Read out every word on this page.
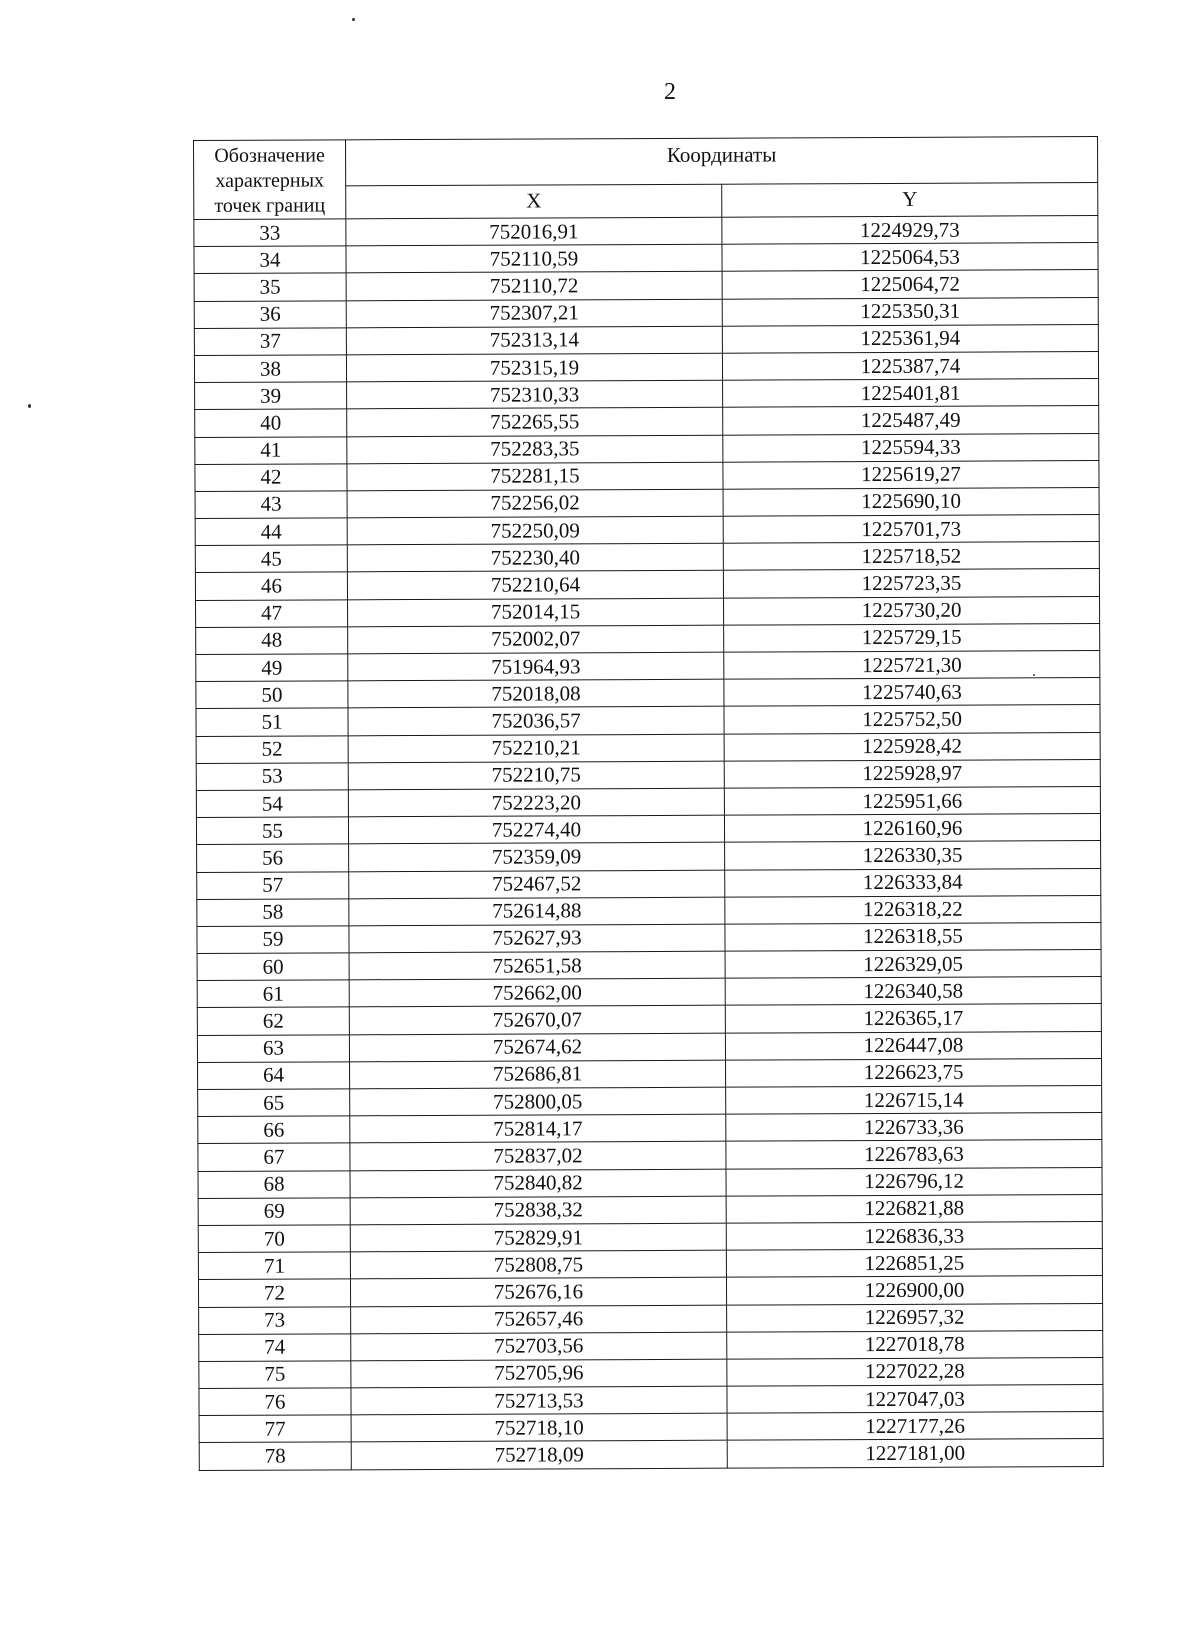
2
Обозначение характерных точек границ	Координаты	
	X	Y
33	752016,91	1224929,73
34	752110,59	1225064,53
35	752110,72	1225064,72
36	752307,21	1225350,31
37	752313,14	1225361,94
38	752315,19	1225387,74
39	752310,33	1225401,81
40	752265,55	1225487,49
41	752283,35	1225594,33
42	752281,15	1225619,27
43	752256,02	1225690,10
44	752250,09	1225701,73
45	752230,40	1225718,52
46	752210,64	1225723,35
47	752014,15	1225730,20
48	752002,07	1225729,15
49	751964,93	1225721,30
50	752018,08	1225740,63
51	752036,57	1225752,50
52	752210,21	1225928,42
53	752210,75	1225928,97
54	752223,20	1225951,66
55	752274,40	1226160,96
56	752359,09	1226330,35
57	752467,52	1226333,84
58	752614,88	1226318,22
59	752627,93	1226318,55
60	752651,58	1226329,05
61	752662,00	1226340,58
62	752670,07	1226365,17
63	752674,62	1226447,08
64	752686,81	1226623,75
65	752800,05	1226715,14
66	752814,17	1226733,36
67	752837,02	1226783,63
68	752840,82	1226796,12
69	752838,32	1226821,88
70	752829,91	1226836,33
71	752808,75	1226851,25
72	752676,16	1226900,00
73	752657,46	1226957,32
74	752703,56	1227018,78
75	752705,96	1227022,28
76	752713,53	1227047,03
77	752718,10	1227177,26
78	752718,09	1227181,00
